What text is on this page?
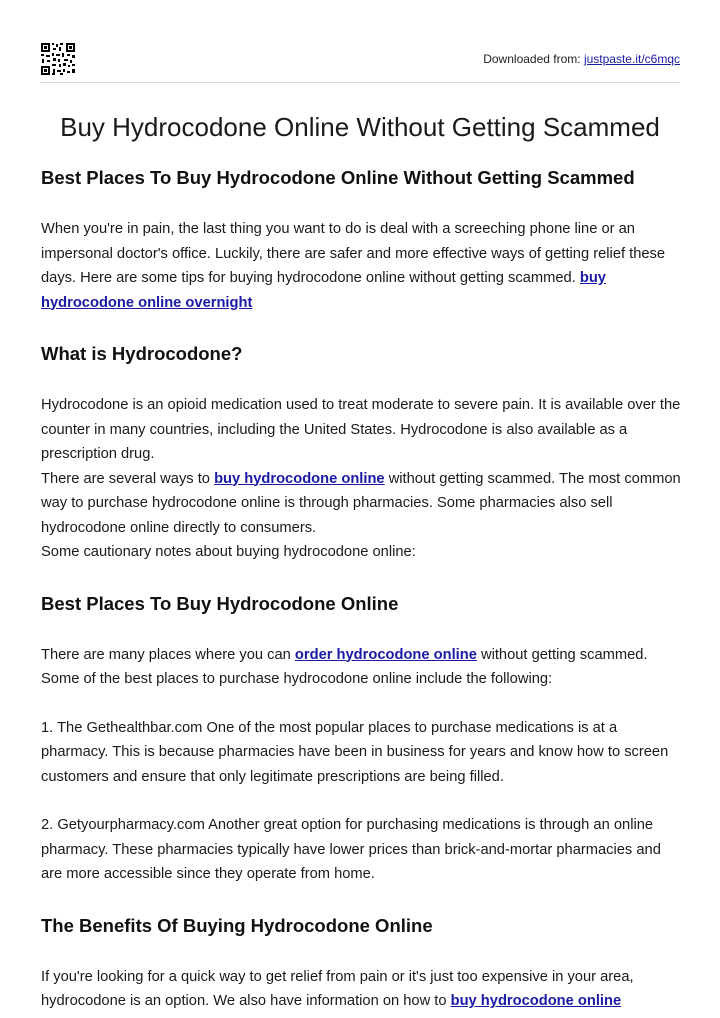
Downloaded from: justpaste.it/c6mqc
Buy Hydrocodone Online Without Getting Scammed
Best Places To Buy Hydrocodone Online Without Getting Scammed

When you're in pain, the last thing you want to do is deal with a screeching phone line or an impersonal doctor's office. Luckily, there are safer and more effective ways of getting relief these days. Here are some tips for buying hydrocodone online without getting scammed. buy hydrocodone online overnight

What is Hydrocodone?

Hydrocodone is an opioid medication used to treat moderate to severe pain. It is available over the counter in many countries, including the United States. Hydrocodone is also available as a prescription drug.

There are several ways to buy hydrocodone online without getting scammed. The most common way to purchase hydrocodone online is through pharmacies. Some pharmacies also sell hydrocodone online directly to consumers.

Some cautionary notes about buying hydrocodone online:

Best Places To Buy Hydrocodone Online

There are many places where you can order hydrocodone online without getting scammed. Some of the best places to purchase hydrocodone online include the following:

1. The Gethealthbar.com One of the most popular places to purchase medications is at a pharmacy. This is because pharmacies have been in business for years and know how to screen customers and ensure that only legitimate prescriptions are being filled.

2. Getyourpharmacy.com Another great option for purchasing medications is through an online pharmacy. These pharmacies typically have lower prices than brick-and-mortar pharmacies and are more accessible since they operate from home.

The Benefits Of Buying Hydrocodone Online

If you're looking for a quick way to get relief from pain or it's just too expensive in your area, hydrocodone is an option. We also have information on how to buy hydrocodone online
